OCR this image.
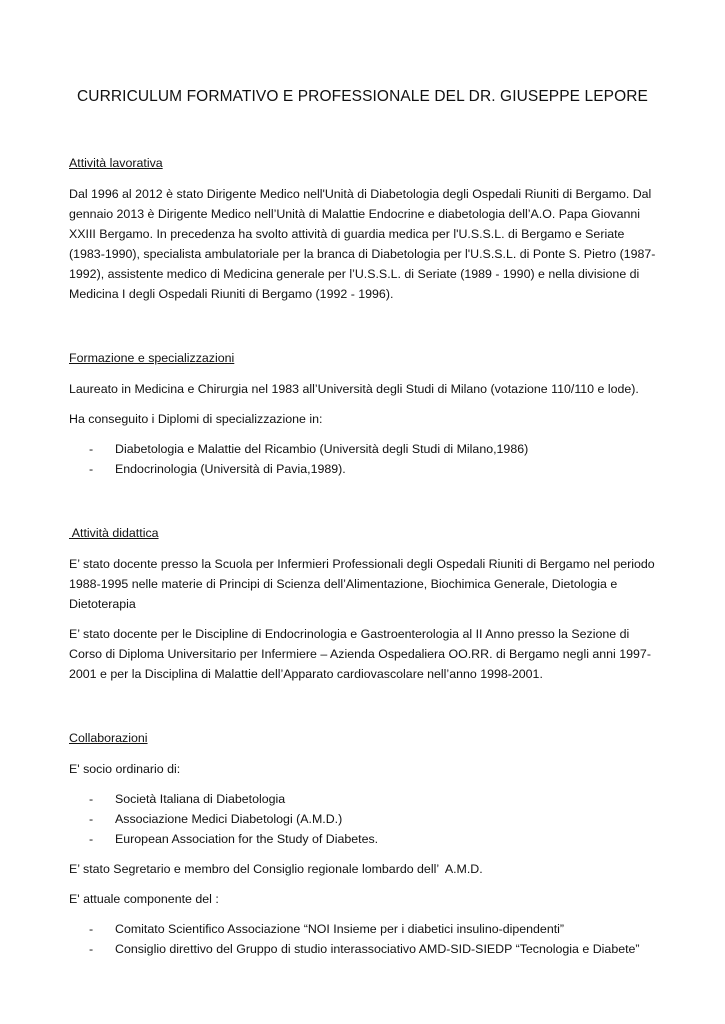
CURRICULUM FORMATIVO E PROFESSIONALE DEL DR. GIUSEPPE LEPORE
Attività lavorativa

Dal 1996 al 2012 è stato Dirigente Medico nell'Unità di Diabetologia degli Ospedali Riuniti di Bergamo. Dal gennaio 2013 è Dirigente Medico nell’Unità di Malattie Endocrine e diabetologia dell’A.O. Papa Giovanni XXIII Bergamo. In precedenza ha svolto attività di guardia medica per l'U.S.S.L. di Bergamo e Seriate (1983-1990), specialista ambulatoriale per la branca di Diabetologia per l'U.S.S.L. di Ponte S. Pietro (1987-1992), assistente medico di Medicina generale per l’U.S.S.L. di Seriate (1989 - 1990) e nella divisione di Medicina I degli Ospedali Riuniti di Bergamo (1992 - 1996).

Formazione e specializzazioni

Laureato in Medicina e Chirurgia nel 1983 all’Università degli Studi di Milano (votazione 110/110 e lode).

Ha conseguito i Diplomi di specializzazione in:

- Diabetologia e Malattie del Ricambio (Università degli Studi di Milano,1986)
- Endocrinologia (Università di Pavia,1989).
Attività didattica

E’ stato docente presso la Scuola per Infermieri Professionali degli Ospedali Riuniti di Bergamo nel periodo 1988-1995 nelle materie di Principi di Scienza dell’Alimentazione, Biochimica Generale, Dietologia e Dietoterapia

E’ stato docente per le Discipline di Endocrinologia e Gastroenterologia al II Anno presso la Sezione di Corso di Diploma Universitario per Infermiere – Azienda Ospedaliera OO.RR. di Bergamo negli anni 1997-2001 e per la Disciplina di Malattie dell’Apparato cardiovascolare nell’anno 1998-2001.

Collaborazioni

E' socio ordinario di:

- Società Italiana di Diabetologia
- Associazione Medici Diabetologi (A.M.D.)
- European Association for the Study of Diabetes.

E’ stato Segretario e membro del Consiglio regionale lombardo dell’  A.M.D.

E' attuale componente del :

- Comitato Scientifico Associazione “NOI Insieme per i diabetici insulino-dipendenti”
- Consiglio direttivo del Gruppo di studio interassociativo AMD-SID-SIEDP “Tecnologia e Diabete”
